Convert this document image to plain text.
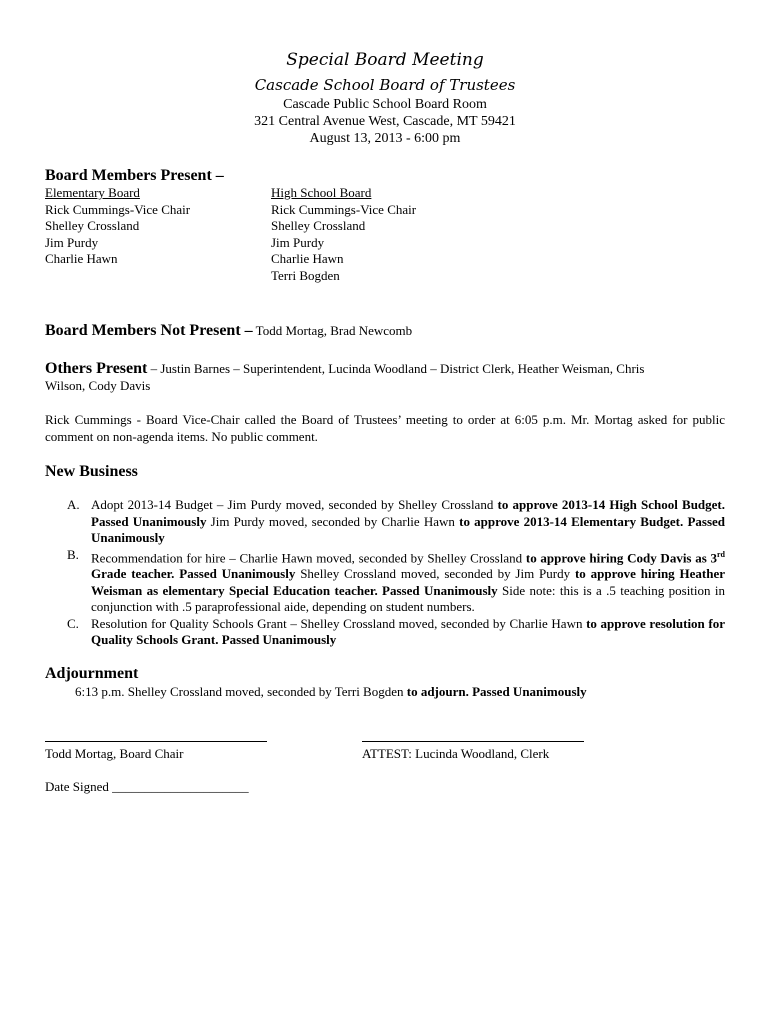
Special Board Meeting
Cascade School Board of Trustees
Cascade Public School Board Room
321 Central Avenue West, Cascade, MT 59421
August 13, 2013 - 6:00 pm
Board Members Present –
Elementary Board
Rick Cummings-Vice Chair
Shelley Crossland
Jim Purdy
Charlie Hawn
High School Board
Rick Cummings-Vice Chair
Shelley Crossland
Jim Purdy
Charlie Hawn
Terri Bogden
Board Members Not Present – Todd Mortag, Brad Newcomb
Others Present – Justin Barnes – Superintendent, Lucinda Woodland – District Clerk, Heather Weisman, Chris
Wilson, Cody Davis
Rick Cummings - Board Vice-Chair called the Board of Trustees’ meeting to order at 6:05 p.m. Mr. Mortag asked for public comment on non-agenda items. No public comment.
New Business
A. Adopt 2013-14 Budget – Jim Purdy moved, seconded by Shelley Crossland to approve 2013-14 High School Budget. Passed Unanimously Jim Purdy moved, seconded by Charlie Hawn to approve 2013-14 Elementary Budget. Passed Unanimously
B. Recommendation for hire – Charlie Hawn moved, seconded by Shelley Crossland to approve hiring Cody Davis as 3rd Grade teacher. Passed Unanimously Shelley Crossland moved, seconded by Jim Purdy to approve hiring Heather Weisman as elementary Special Education teacher. Passed Unanimously Side note: this is a .5 teaching position in conjunction with .5 paraprofessional aide, depending on student numbers.
C. Resolution for Quality Schools Grant – Shelley Crossland moved, seconded by Charlie Hawn to approve resolution for Quality Schools Grant. Passed Unanimously
Adjournment
6:13 p.m. Shelley Crossland moved, seconded by Terri Bogden to adjourn. Passed Unanimously
Todd Mortag, Board Chair	ATTEST: Lucinda Woodland, Clerk
Date Signed _____________________
